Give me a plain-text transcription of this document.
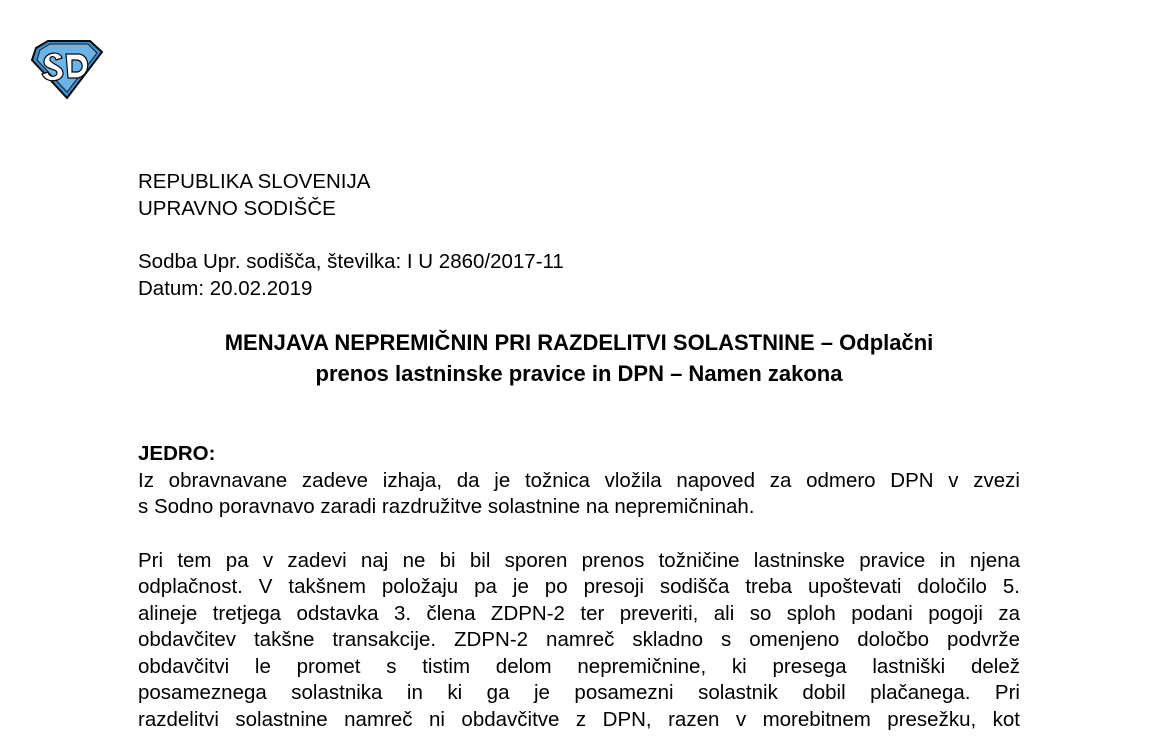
REPUBLIKA SLOVENIJA
UPRAVNO SODIŠČE
Sodba Upr. sodišča, številka: I U 2860/2017-11
Datum: 20.02.2019
MENJAVA NEPREMIČNIN PRI RAZDELITVI SOLASTNINE – Odplačni
prenos lastninske pravice in DPN – Namen zakona
JEDRO:
Iz obravnavane zadeve izhaja, da je tožnica vložila napoved za odmero DPN v zvezi
s Sodno poravnavo zaradi razdružitve solastnine na nepremičninah.
Pri tem pa v zadevi naj ne bi bil sporen prenos tožničine lastninske pravice in njena
odplačnost. V takšnem položaju pa je po presoji sodišča treba upoštevati določilo 5.
alineje tretjega odstavka 3. člena ZDPN-2 ter preveriti, ali so sploh podani pogoji za
obdavčitev takšne transakcije. ZDPN-2 namreč skladno s omenjeno določbo podvrže
obdavčitvi le promet s tistim delom nepremičnine, ki presega lastniški delež
posameznega solastnika in ki ga je posamezni solastnik dobil plačanega. Pri
razdelitvi solastnine namreč ni obdavčitve z DPN, razen v morebitnem presežku, kot
